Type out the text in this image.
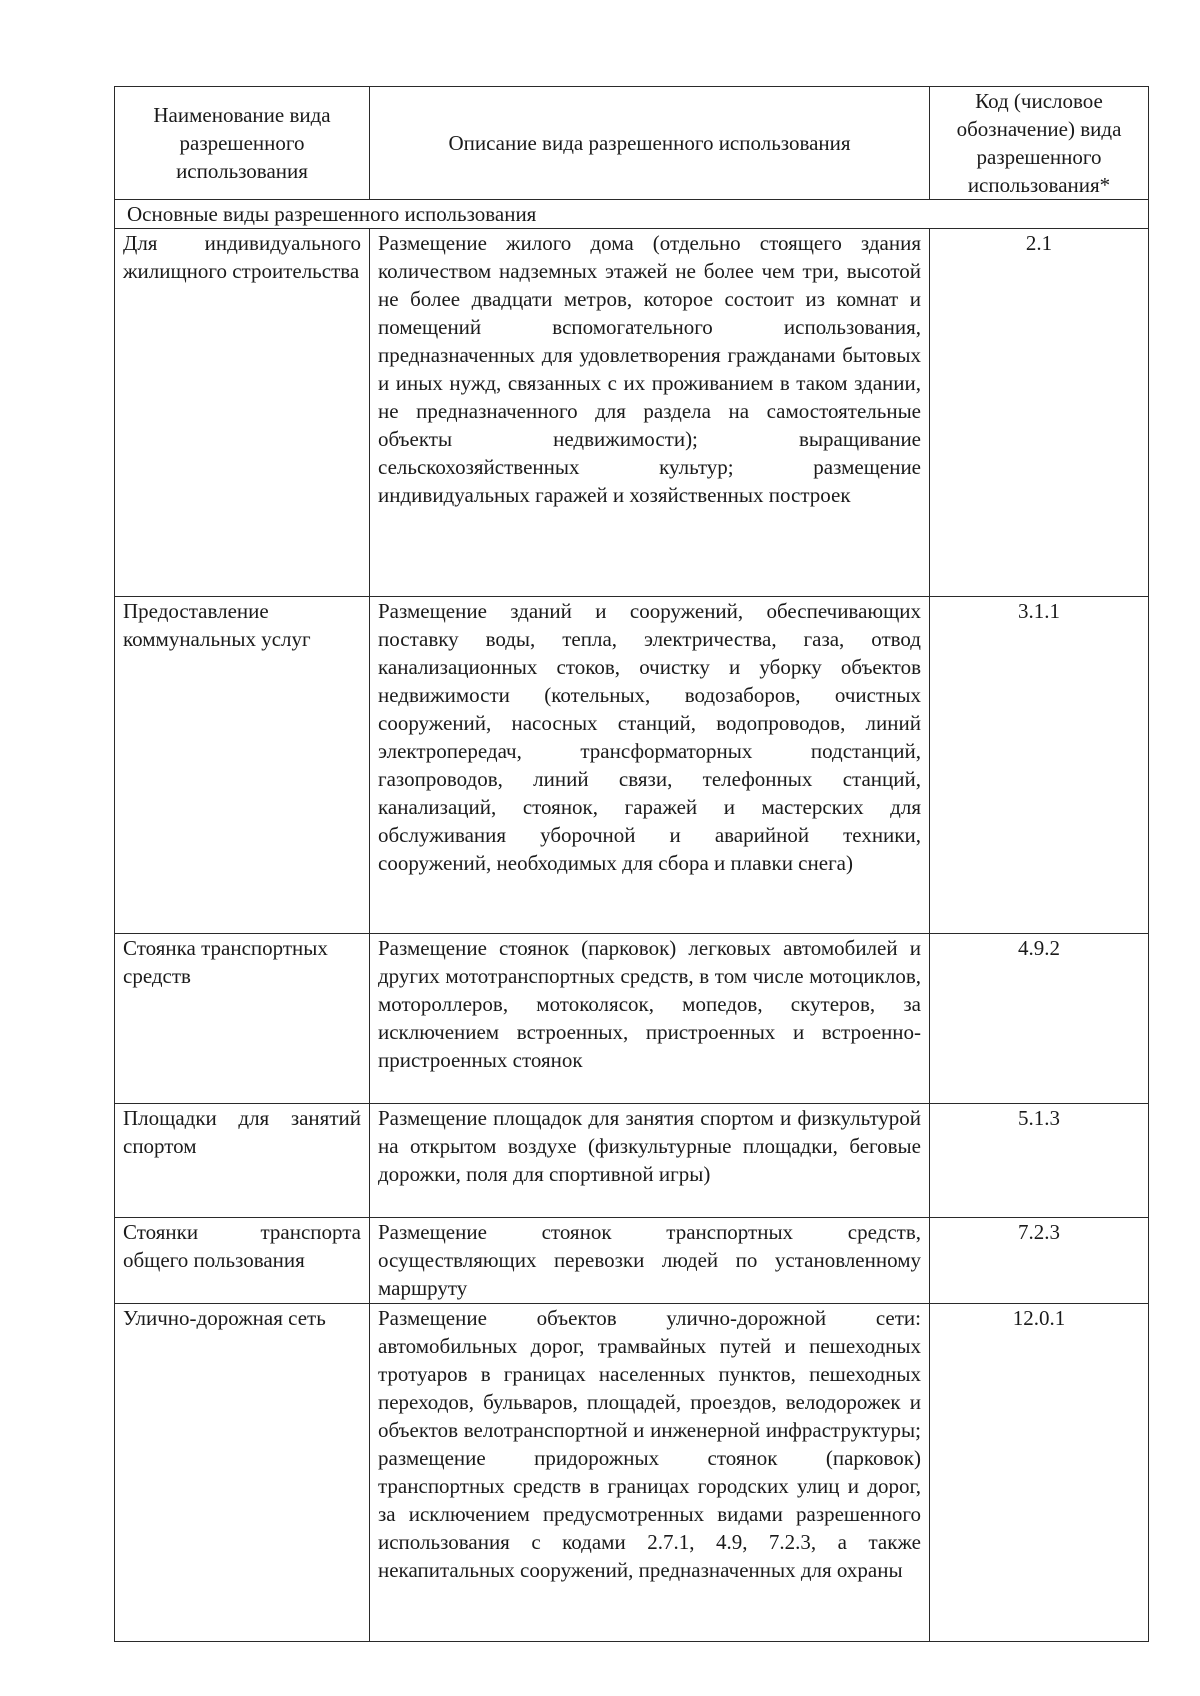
Наименование вида разрешенного использования	Описание вида разрешенного использования	Код (числовое обозначение) вида разрешенного использования*
Основные виды разрешенного использования		
Для индивидуального жилищного строительства	Размещение жилого дома (отдельно стоящего здания количеством надземных этажей не более чем три, высотой не более двадцати метров, которое состоит из комнат и помещений вспомогательного использования, предназначенных для удовлетворения гражданами бытовых и иных нужд, связанных с их проживанием в таком здании, не предназначенного для раздела на самостоятельные объекты недвижимости); выращивание сельскохозяйственных культур; размещение индивидуальных гаражей и хозяйственных построек	2.1
Предоставление коммунальных услуг	Размещение зданий и сооружений, обеспечивающих поставку воды, тепла, электричества, газа, отвод канализационных стоков, очистку и уборку объектов недвижимости (котельных, водозаборов, очистных сооружений, насосных станций, водопроводов, линий электропередач, трансформаторных подстанций, газопроводов, линий связи, телефонных станций, канализаций, стоянок, гаражей и мастерских для обслуживания уборочной и аварийной техники, сооружений, необходимых для сбора и плавки снега)	3.1.1
Стоянка транспортных средств	Размещение стоянок (парковок) легковых автомобилей и других мототранспортных средств, в том числе мотоциклов, мотороллеров, мотоколясок, мопедов, скутеров, за исключением встроенных, пристроенных и встроенно-пристроенных стоянок	4.9.2
Площадки для занятий спортом	Размещение площадок для занятия спортом и физкультурой на открытом воздухе (физкультурные площадки, беговые дорожки, поля для спортивной игры)	5.1.3
Стоянки транспорта общего пользования	Размещение стоянок транспортных средств, осуществляющих перевозки людей по установленному маршруту	7.2.3
Улично-дорожная сеть	Размещение объектов улично-дорожной сети: автомобильных дорог, трамвайных путей и пешеходных тротуаров в границах населенных пунктов, пешеходных переходов, бульваров, площадей, проездов, велодорожек и объектов велотранспортной и инженерной инфраструктуры; размещение придорожных стоянок (парковок) транспортных средств в границах городских улиц и дорог, за исключением предусмотренных видами разрешенного использования с кодами 2.7.1, 4.9, 7.2.3, а также некапитальных сооружений, предназначенных для охраны	12.0.1
